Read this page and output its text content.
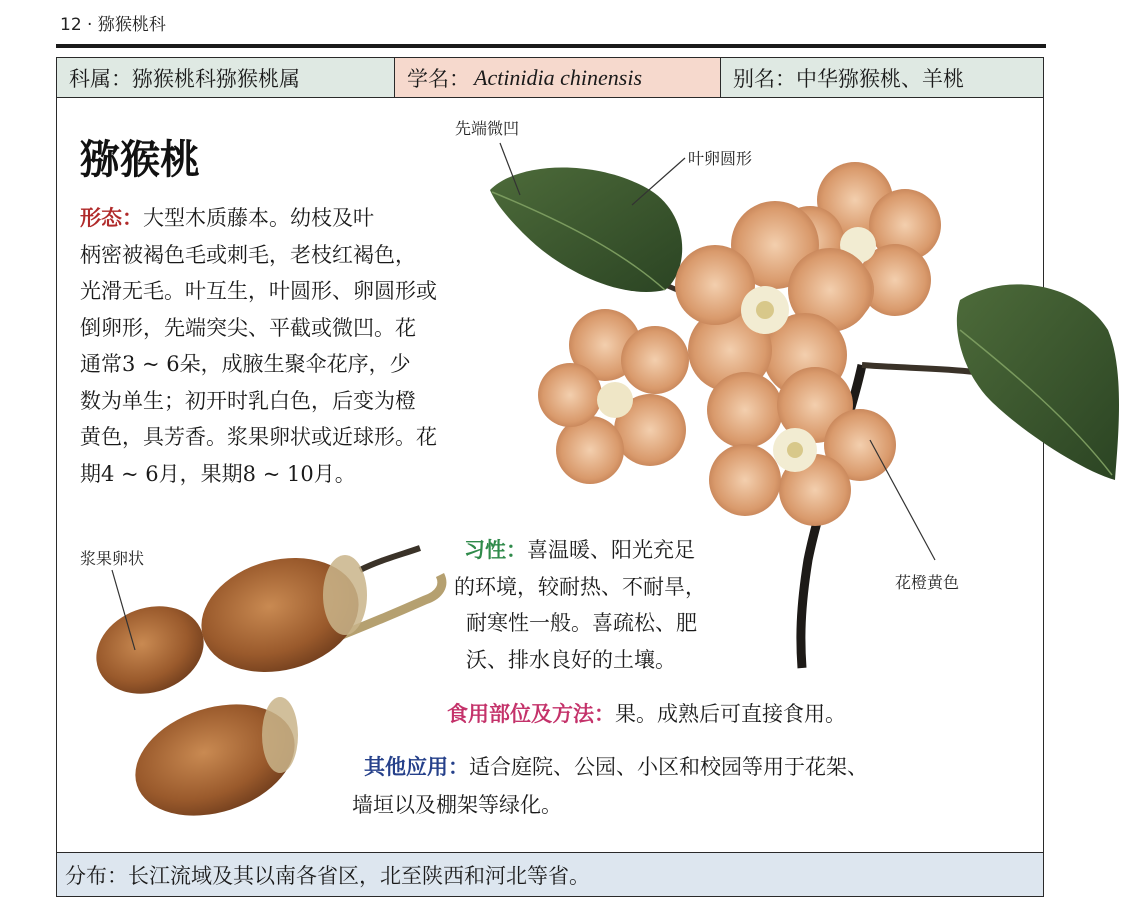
12 · 猕猴桃科
科属： 猕猴桃科猕猴桃属	学名： Actinidia chinensis	别名： 中华猕猴桃、羊桃
先端微凹
叶卵圆形
花橙黄色
浆果卵状
猕猴桃
形态：大型木质藤本。幼枝及叶
柄密被褐色毛或刺毛，老枝红褐色，
光滑无毛。叶互生，叶圆形、卵圆形或
倒卵形，先端突尖、平截或微凹。花
通常3 ~ 6朵，成腋生聚伞花序，少
数为单生；初开时乳白色，后变为橙
黄色，具芳香。浆果卵状或近球形。花
期4 ~ 6月，果期8 ~ 10月。
习性：喜温暖、阳光充足
的环境，较耐热、不耐旱，
耐寒性一般。喜疏松、肥
沃、排水良好的土壤。
食用部位及方法：果。成熟后可直接食用。
其他应用：适合庭院、公园、小区和校园等用于花架、
墙垣以及棚架等绿化。
分布： 长江流域及其以南各省区，北至陕西和河北等省。
